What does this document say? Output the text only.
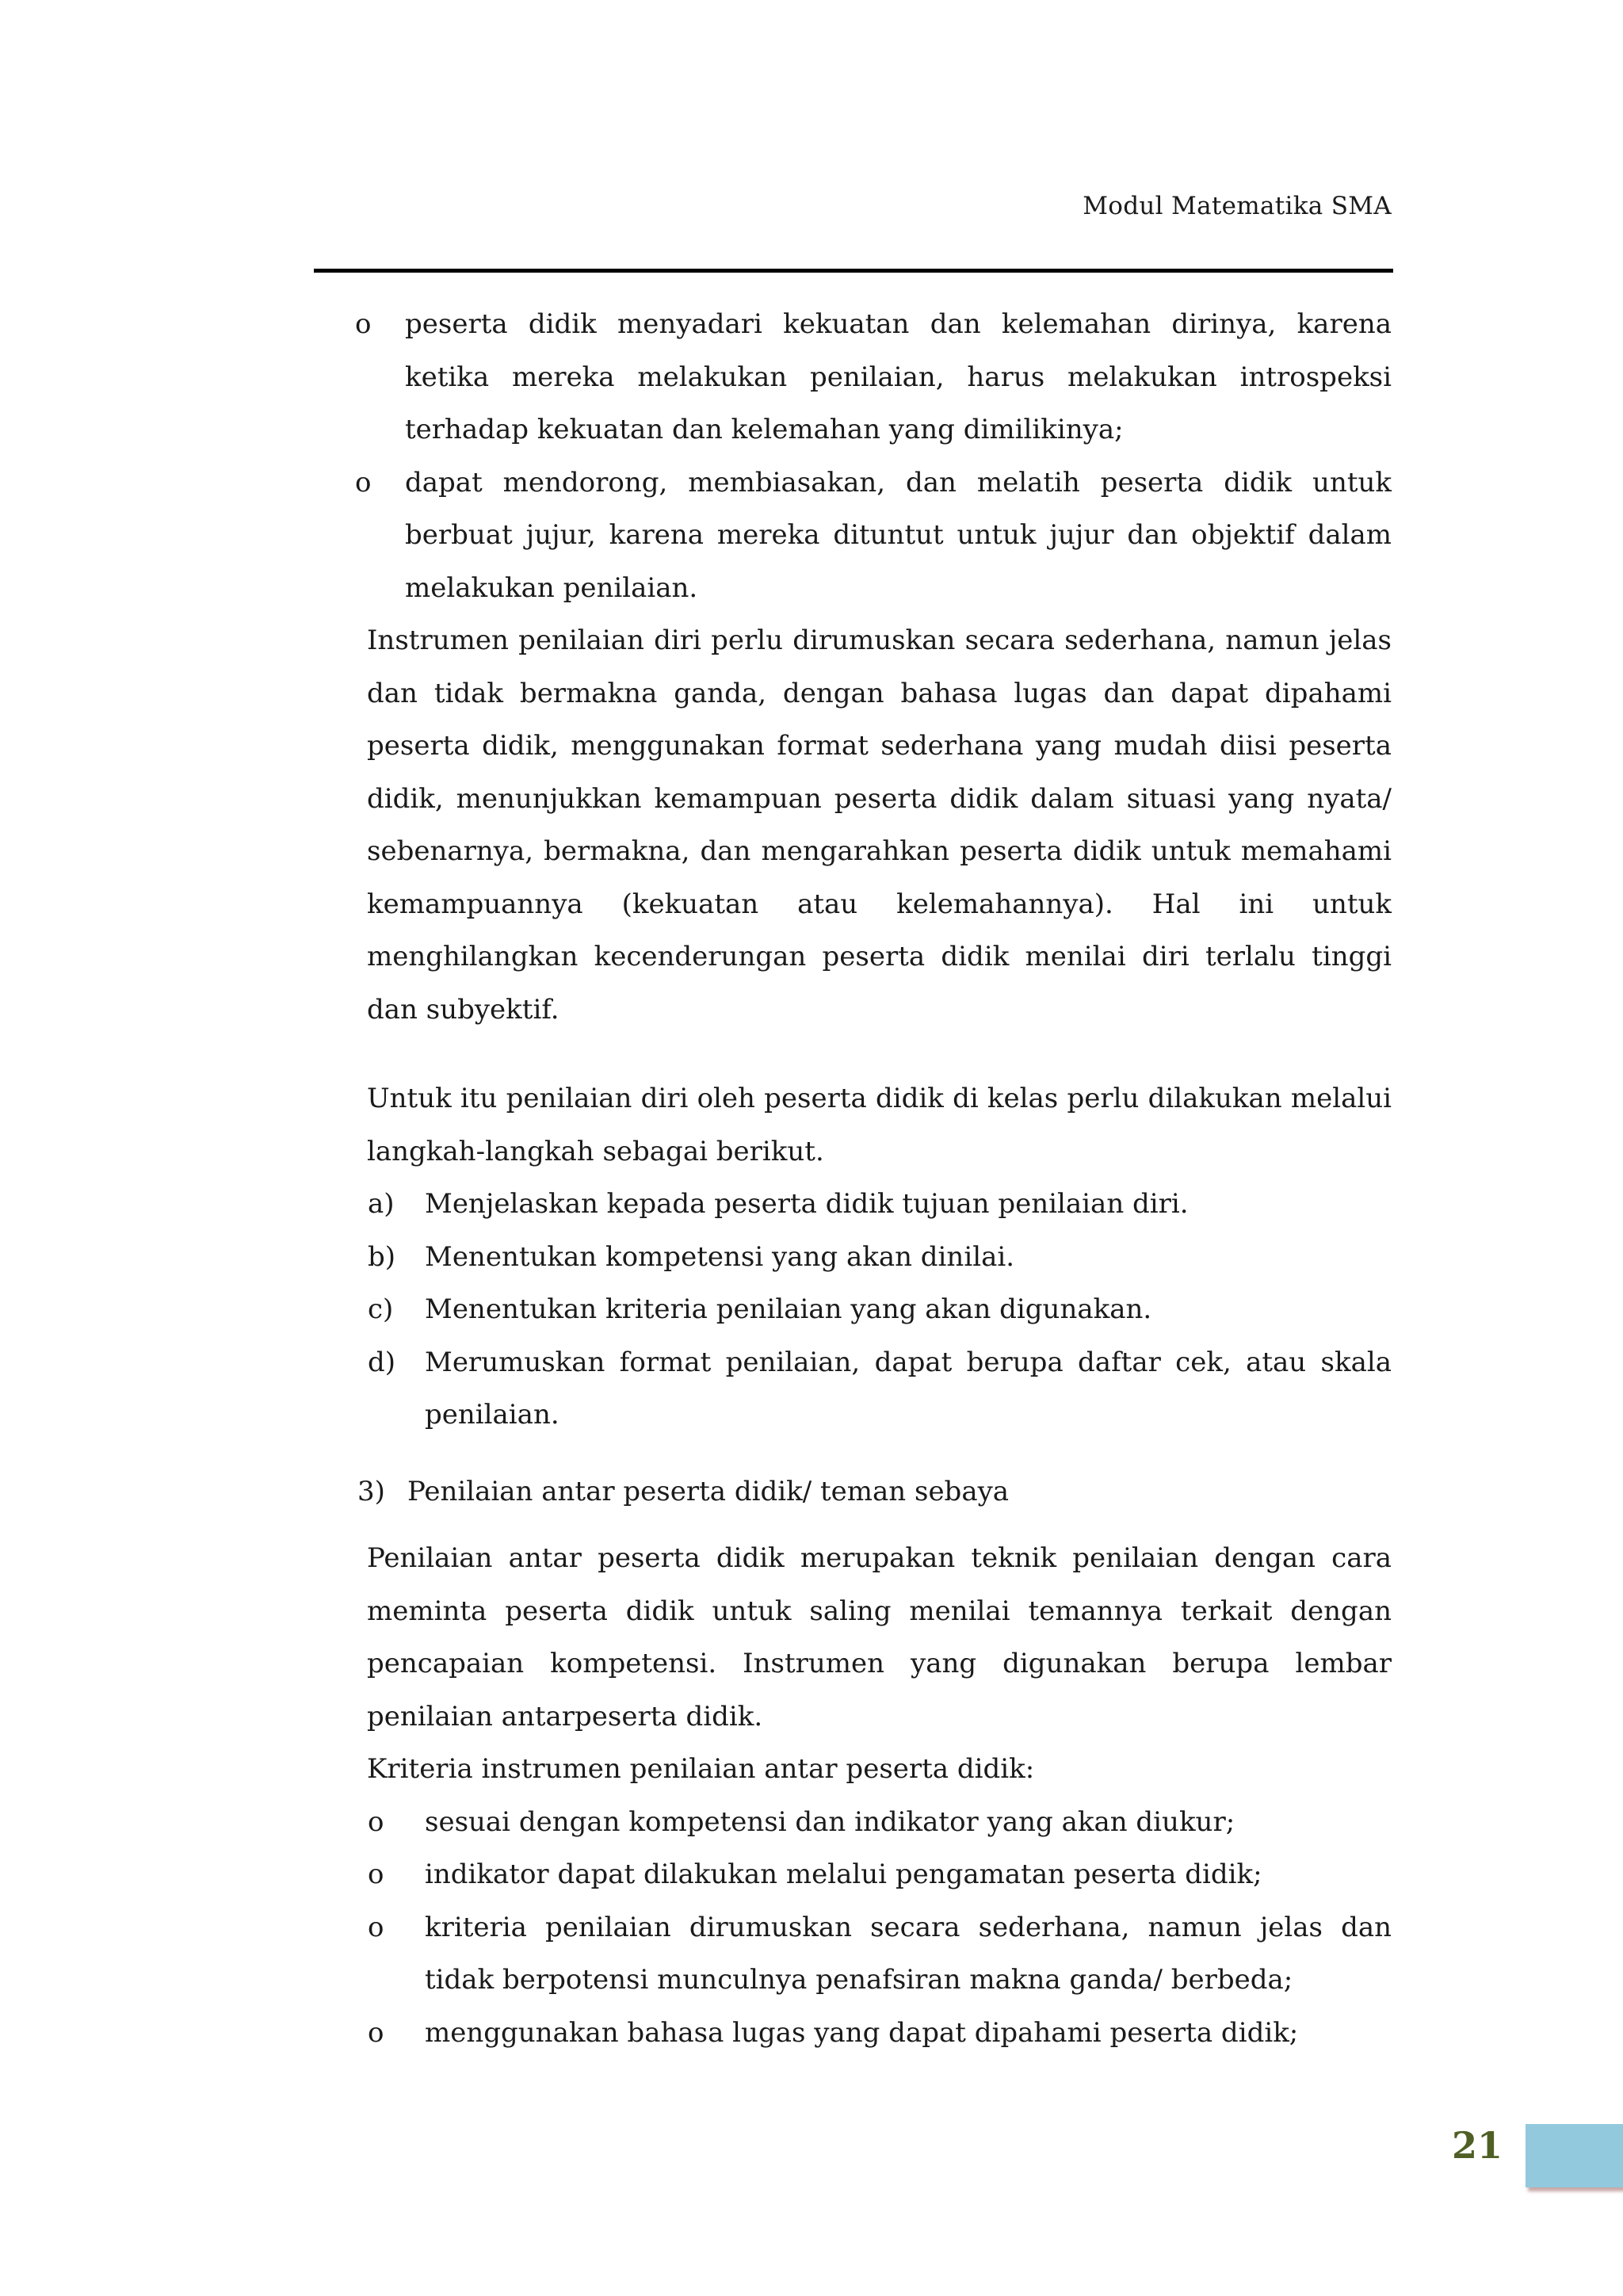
Modul Matematika SMA
o peserta didik menyadari kekuatan dan kelemahan dirinya, karena ketika mereka melakukan penilaian, harus melakukan introspeksi terhadap kekuatan dan kelemahan yang dimilikinya;
o dapat mendorong, membiasakan, dan melatih peserta didik untuk berbuat jujur, karena mereka dituntut untuk jujur dan objektif dalam melakukan penilaian.
Instrumen penilaian diri perlu dirumuskan secara sederhana, namun jelas dan tidak bermakna ganda, dengan bahasa lugas dan dapat dipahami peserta didik, menggunakan format sederhana yang mudah diisi peserta didik, menunjukkan kemampuan peserta didik dalam situasi yang nyata/ sebenarnya, bermakna, dan mengarahkan peserta didik untuk memahami kemampuannya (kekuatan atau kelemahannya). Hal ini untuk menghilangkan kecenderungan peserta didik menilai diri terlalu tinggi dan subyektif.
Untuk itu penilaian diri oleh peserta didik di kelas perlu dilakukan melalui langkah-langkah sebagai berikut.
a) Menjelaskan kepada peserta didik tujuan penilaian diri.
b) Menentukan kompetensi yang akan dinilai.
c) Menentukan kriteria penilaian yang akan digunakan.
d) Merumuskan format penilaian, dapat berupa daftar cek, atau skala penilaian.
3) Penilaian antar peserta didik/ teman sebaya
Penilaian antar peserta didik merupakan teknik penilaian dengan cara meminta peserta didik untuk saling menilai temannya terkait dengan pencapaian kompetensi. Instrumen yang digunakan berupa lembar penilaian antarpeserta didik.
Kriteria instrumen penilaian antar peserta didik:
o sesuai dengan kompetensi dan indikator yang akan diukur;
o indikator dapat dilakukan melalui pengamatan peserta didik;
o kriteria penilaian dirumuskan secara sederhana, namun jelas dan tidak berpotensi munculnya penafsiran makna ganda/ berbeda;
o menggunakan bahasa lugas yang dapat dipahami peserta didik;
21
